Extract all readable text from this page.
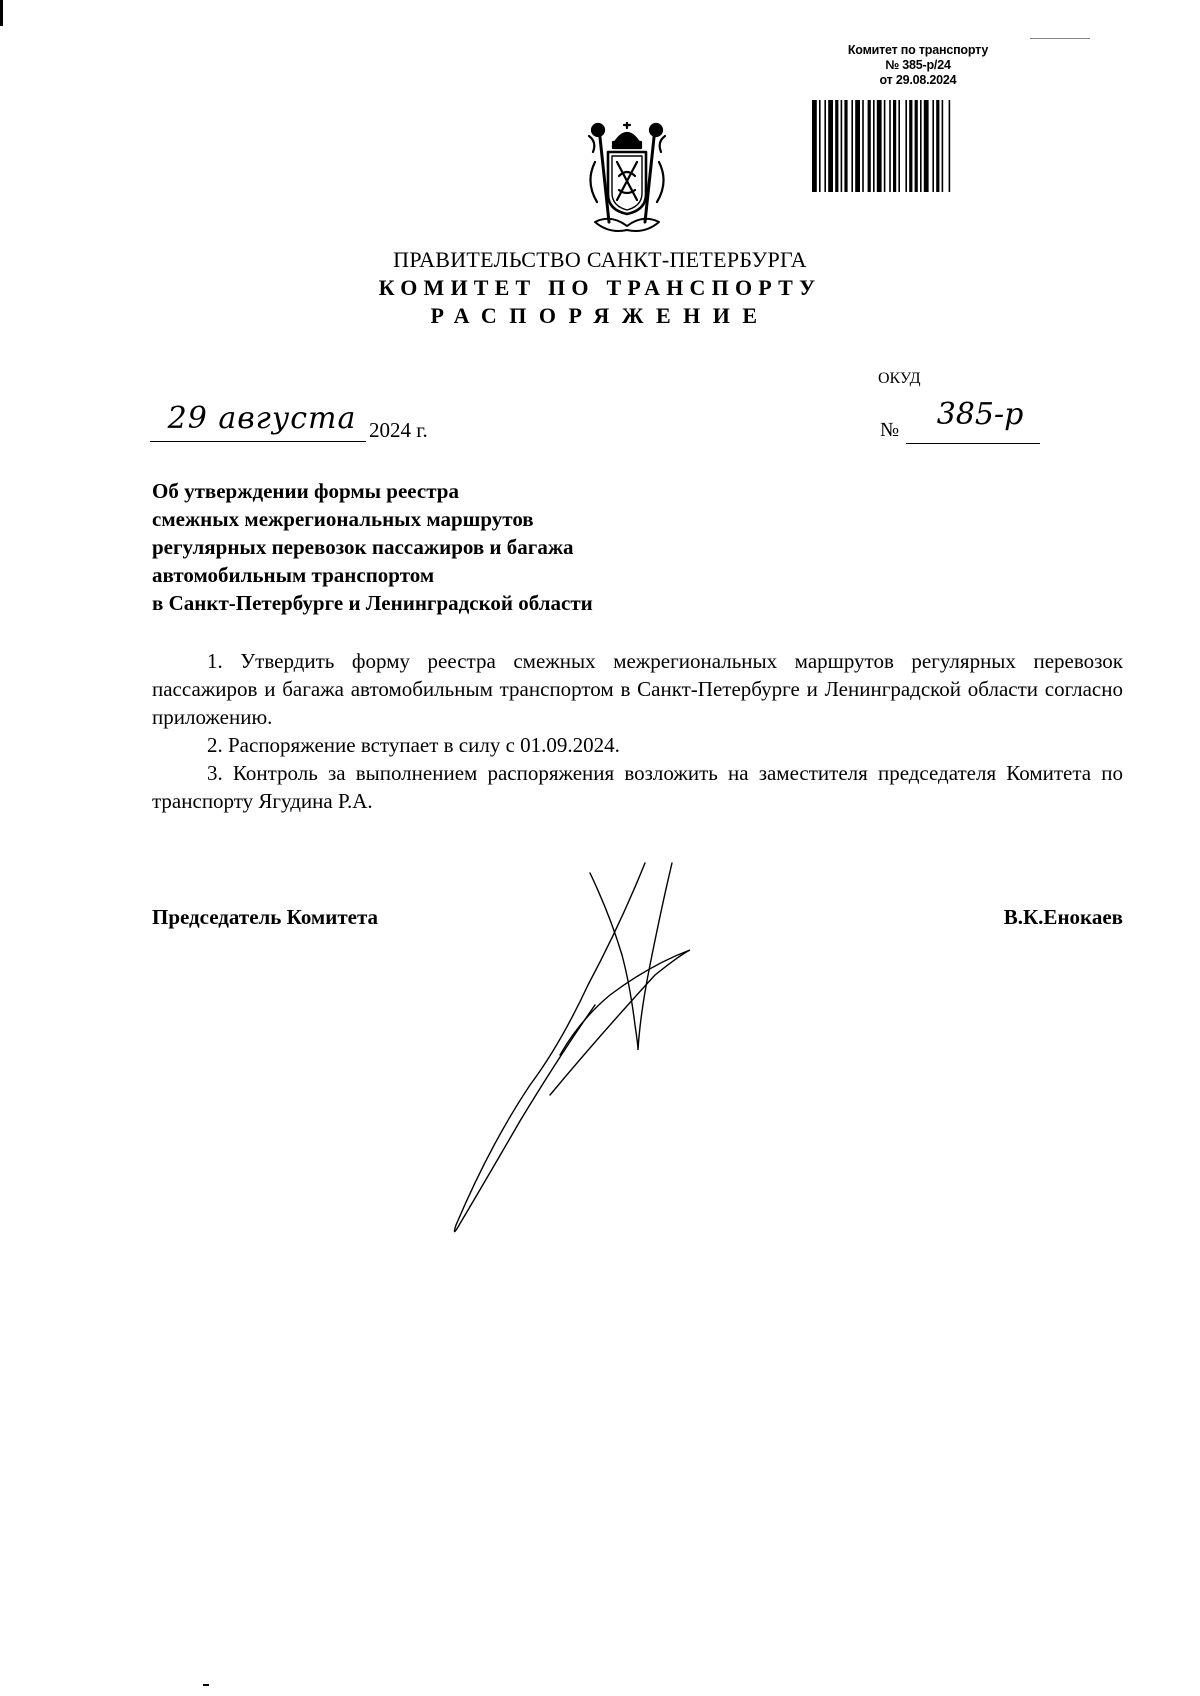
Комитет по транспорту
№ 385-р/24
от 29.08.2024
ПРАВИТЕЛЬСТВО САНКТ-ПЕТЕРБУРГА
КОМИТЕТ ПО ТРАНСПОРТУ
РАСПОРЯЖЕНИЕ
ОКУД
29 августа 2024 г.	№	385-р
Об утверждении формы реестра
смежных межрегиональных маршрутов
регулярных перевозок пассажиров и багажа
автомобильным транспортом
в Санкт-Петербурге и Ленинградской области

1. Утвердить форму реестра смежных межрегиональных маршрутов регулярных перевозок пассажиров и багажа автомобильным транспортом в Санкт-Петербурге и Ленинградской области согласно приложению.

2. Распоряжение вступает в силу с 01.09.2024.

3. Контроль за выполнением распоряжения возложить на заместителя председателя Комитета по транспорту Ягудина Р.А.

Председатель Комитета	В.К.Енокаев
